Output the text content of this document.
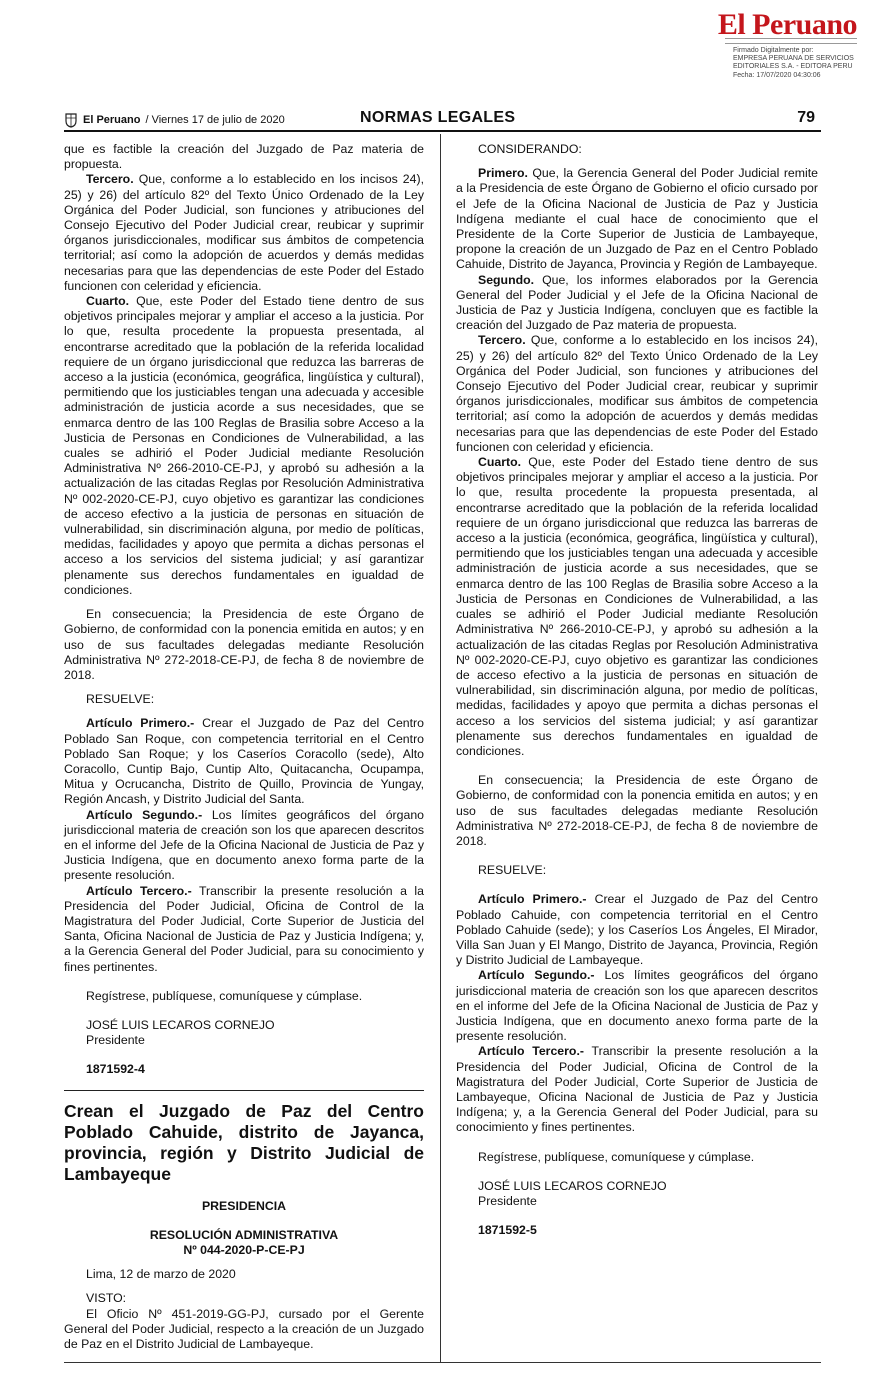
El Peruano
Firmado Digitalmente por:
EMPRESA PERUANA DE SERVICIOS
EDITORIALES S.A. - EDITORA PERU
Fecha: 17/07/2020 04:30:06
El Peruano / Viernes 17 de julio de 2020	NORMAS LEGALES	79

que es factible la creación del Juzgado de Paz materia de propuesta.

Tercero. Que, conforme a lo establecido en los incisos 24), 25) y 26) del artículo 82º del Texto Único Ordenado de la Ley Orgánica del Poder Judicial, son funciones y atribuciones del Consejo Ejecutivo del Poder Judicial crear, reubicar y suprimir órganos jurisdiccionales, modificar sus ámbitos de competencia territorial; así como la adopción de acuerdos y demás medidas necesarias para que las dependencias de este Poder del Estado funcionen con celeridad y eficiencia.

Cuarto. Que, este Poder del Estado tiene dentro de sus objetivos principales mejorar y ampliar el acceso a la justicia. Por lo que, resulta procedente la propuesta presentada, al encontrarse acreditado que la población de la referida localidad requiere de un órgano jurisdiccional que reduzca las barreras de acceso a la justicia (económica, geográfica, lingüística y cultural), permitiendo que los justiciables tengan una adecuada y accesible administración de justicia acorde a sus necesidades, que se enmarca dentro de las 100 Reglas de Brasilia sobre Acceso a la Justicia de Personas en Condiciones de Vulnerabilidad, a las cuales se adhirió el Poder Judicial mediante Resolución Administrativa Nº 266-2010-CE-PJ, y aprobó su adhesión a la actualización de las citadas Reglas por Resolución Administrativa Nº 002-2020-CE-PJ, cuyo objetivo es garantizar las condiciones de acceso efectivo a la justicia de personas en situación de vulnerabilidad, sin discriminación alguna, por medio de políticas, medidas, facilidades y apoyo que permita a dichas personas el acceso a los servicios del sistema judicial; y así garantizar plenamente sus derechos fundamentales en igualdad de condiciones.

En consecuencia; la Presidencia de este Órgano de Gobierno, de conformidad con la ponencia emitida en autos; y en uso de sus facultades delegadas mediante Resolución Administrativa Nº 272-2018-CE-PJ, de fecha 8 de noviembre de 2018.

RESUELVE:

Artículo Primero.- Crear el Juzgado de Paz del Centro Poblado San Roque, con competencia territorial en el Centro Poblado San Roque; y los Caseríos Coracollo (sede), Alto Coracollo, Cuntip Bajo, Cuntip Alto, Quitacancha, Ocupampa, Mitua y Ocrucancha, Distrito de Quillo, Provincia de Yungay, Región Ancash, y Distrito Judicial del Santa.

Artículo Segundo.- Los límites geográficos del órgano jurisdiccional materia de creación son los que aparecen descritos en el informe del Jefe de la Oficina Nacional de Justicia de Paz y Justicia Indígena, que en documento anexo forma parte de la presente resolución.

Artículo Tercero.- Transcribir la presente resolución a la Presidencia del Poder Judicial, Oficina de Control de la Magistratura del Poder Judicial, Corte Superior de Justicia del Santa, Oficina Nacional de Justicia de Paz y Justicia Indígena; y, a la Gerencia General del Poder Judicial, para su conocimiento y fines pertinentes.

Regístrese, publíquese, comuníquese y cúmplase.

JOSÉ LUIS LECAROS CORNEJO

Presidente

1871592-4

Crean el Juzgado de Paz del Centro Poblado Cahuide, distrito de Jayanca, provincia, región y Distrito Judicial de Lambayeque

PRESIDENCIA

RESOLUCIÓN ADMINISTRATIVA

Nº 044-2020-P-CE-PJ

Lima, 12 de marzo de 2020

VISTO:

El Oficio Nº 451-2019-GG-PJ, cursado por el Gerente General del Poder Judicial, respecto a la creación de un Juzgado de Paz en el Distrito Judicial de Lambayeque.

CONSIDERANDO:

Primero. Que, la Gerencia General del Poder Judicial remite a la Presidencia de este Órgano de Gobierno el oficio cursado por el Jefe de la Oficina Nacional de Justicia de Paz y Justicia Indígena mediante el cual hace de conocimiento que el Presidente de la Corte Superior de Justicia de Lambayeque, propone la creación de un Juzgado de Paz en el Centro Poblado Cahuide, Distrito de Jayanca, Provincia y Región de Lambayeque.

Segundo. Que, los informes elaborados por la Gerencia General del Poder Judicial y el Jefe de la Oficina Nacional de Justicia de Paz y Justicia Indígena, concluyen que es factible la creación del Juzgado de Paz materia de propuesta.

Tercero. Que, conforme a lo establecido en los incisos 24), 25) y 26) del artículo 82º del Texto Único Ordenado de la Ley Orgánica del Poder Judicial, son funciones y atribuciones del Consejo Ejecutivo del Poder Judicial crear, reubicar y suprimir órganos jurisdiccionales, modificar sus ámbitos de competencia territorial; así como la adopción de acuerdos y demás medidas necesarias para que las dependencias de este Poder del Estado funcionen con celeridad y eficiencia.

Cuarto. Que, este Poder del Estado tiene dentro de sus objetivos principales mejorar y ampliar el acceso a la justicia. Por lo que, resulta procedente la propuesta presentada, al encontrarse acreditado que la población de la referida localidad requiere de un órgano jurisdiccional que reduzca las barreras de acceso a la justicia (económica, geográfica, lingüística y cultural), permitiendo que los justiciables tengan una adecuada y accesible administración de justicia acorde a sus necesidades, que se enmarca dentro de las 100 Reglas de Brasilia sobre Acceso a la Justicia de Personas en Condiciones de Vulnerabilidad, a las cuales se adhirió el Poder Judicial mediante Resolución Administrativa Nº 266-2010-CE-PJ, y aprobó su adhesión a la actualización de las citadas Reglas por Resolución Administrativa Nº 002-2020-CE-PJ, cuyo objetivo es garantizar las condiciones de acceso efectivo a la justicia de personas en situación de vulnerabilidad, sin discriminación alguna, por medio de políticas, medidas, facilidades y apoyo que permita a dichas personas el acceso a los servicios del sistema judicial; y así garantizar plenamente sus derechos fundamentales en igualdad de condiciones.

En consecuencia; la Presidencia de este Órgano de Gobierno, de conformidad con la ponencia emitida en autos; y en uso de sus facultades delegadas mediante Resolución Administrativa Nº 272-2018-CE-PJ, de fecha 8 de noviembre de 2018.

RESUELVE:

Artículo Primero.- Crear el Juzgado de Paz del Centro Poblado Cahuide, con competencia territorial en el Centro Poblado Cahuide (sede); y los Caseríos Los Ángeles, El Mirador, Villa San Juan y El Mango, Distrito de Jayanca, Provincia, Región y Distrito Judicial de Lambayeque.

Artículo Segundo.- Los límites geográficos del órgano jurisdiccional materia de creación son los que aparecen descritos en el informe del Jefe de la Oficina Nacional de Justicia de Paz y Justicia Indígena, que en documento anexo forma parte de la presente resolución.

Artículo Tercero.- Transcribir la presente resolución a la Presidencia del Poder Judicial, Oficina de Control de la Magistratura del Poder Judicial, Corte Superior de Justicia de Lambayeque, Oficina Nacional de Justicia de Paz y Justicia Indígena; y, a la Gerencia General del Poder Judicial, para su conocimiento y fines pertinentes.

Regístrese, publíquese, comuníquese y cúmplase.

JOSÉ LUIS LECAROS CORNEJO

Presidente

1871592-5
